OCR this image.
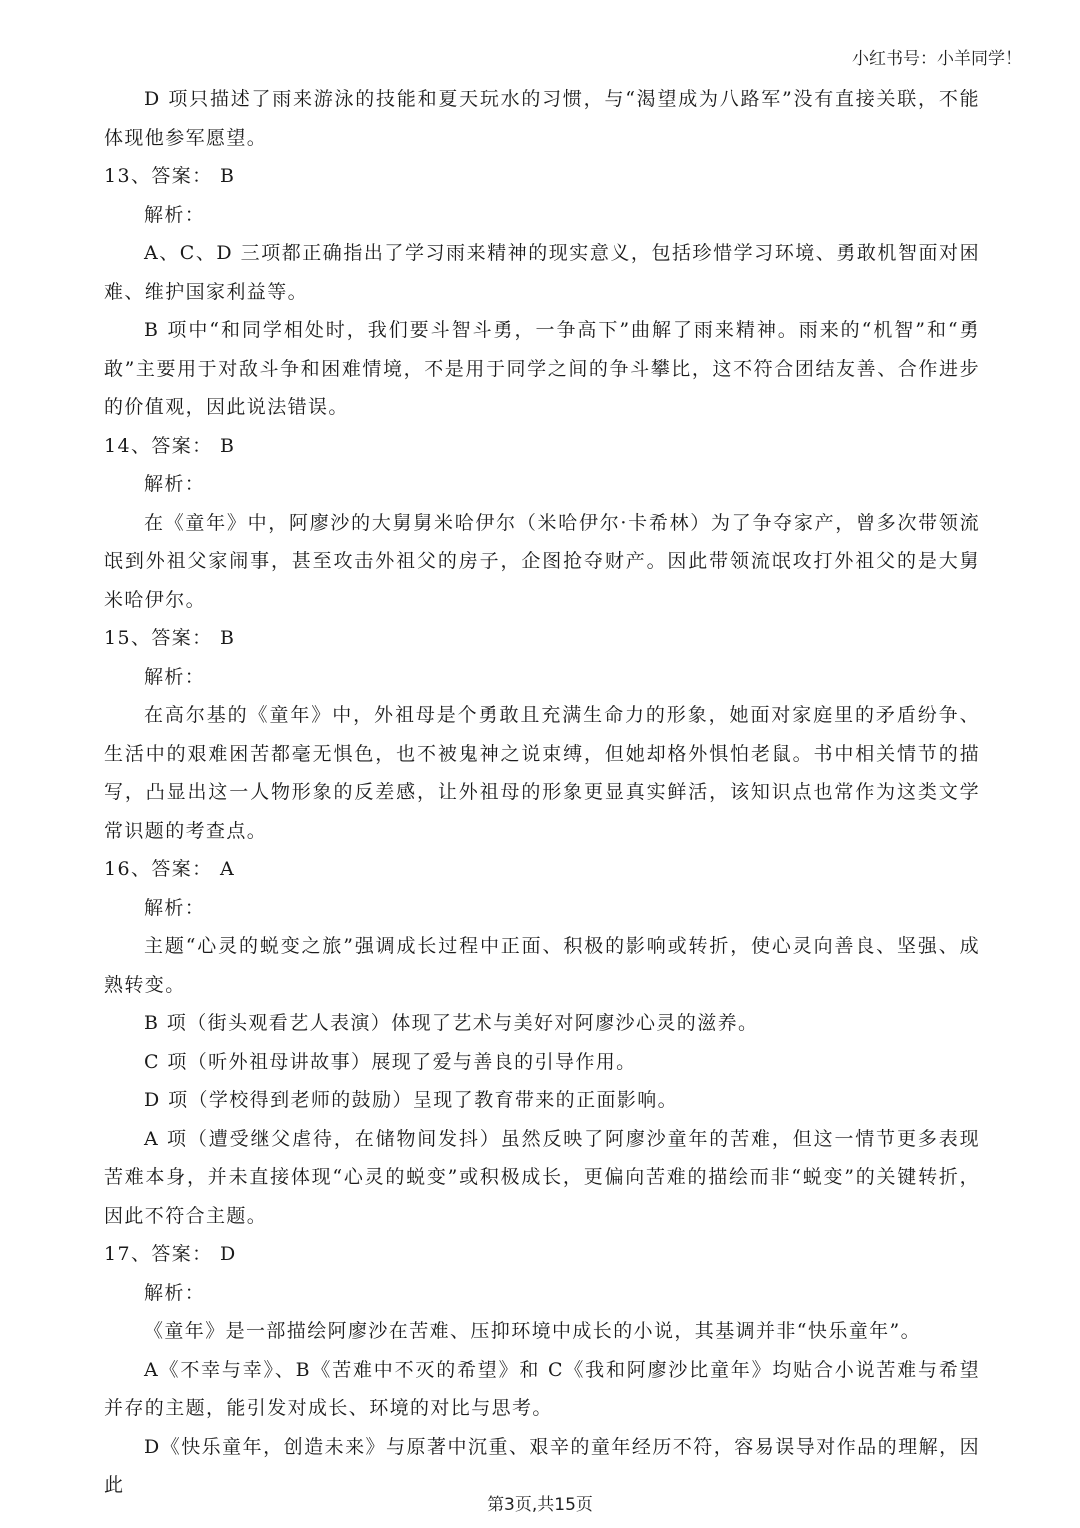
小红书号：小羊同学！

D 项只描述了雨来游泳的技能和夏天玩水的习惯，与“渴望成为八路军”没有直接关联，不能体现他参军愿望。

13、答案： B

解析：

A、C、D 三项都正确指出了学习雨来精神的现实意义，包括珍惜学习环境、勇敢机智面对困难、维护国家利益等。

B 项中“和同学相处时，我们要斗智斗勇，一争高下”曲解了雨来精神。雨来的“机智”和“勇敢”主要用于对敌斗争和困难情境，不是用于同学之间的争斗攀比，这不符合团结友善、合作进步的价值观，因此说法错误。

14、答案： B

解析：

在《童年》中，阿廖沙的大舅舅米哈伊尔（米哈伊尔·卡希林）为了争夺家产，曾多次带领流氓到外祖父家闹事，甚至攻击外祖父的房子，企图抢夺财产。因此带领流氓攻打外祖父的是大舅米哈伊尔。

15、答案： B

解析：

在高尔基的《童年》中，外祖母是个勇敢且充满生命力的形象，她面对家庭里的矛盾纷争、生活中的艰难困苦都毫无惧色，也不被鬼神之说束缚，但她却格外惧怕老鼠。书中相关情节的描写，凸显出这一人物形象的反差感，让外祖母的形象更显真实鲜活，该知识点也常作为这类文学常识题的考查点。

16、答案： A

解析：

主题“心灵的蜕变之旅”强调成长过程中正面、积极的影响或转折，使心灵向善良、坚强、成熟转变。

B 项（街头观看艺人表演）体现了艺术与美好对阿廖沙心灵的滋养。

C 项（听外祖母讲故事）展现了爱与善良的引导作用。

D 项（学校得到老师的鼓励）呈现了教育带来的正面影响。

A 项（遭受继父虐待，在储物间发抖）虽然反映了阿廖沙童年的苦难，但这一情节更多表现苦难本身，并未直接体现“心灵的蜕变”或积极成长，更偏向苦难的描绘而非“蜕变”的关键转折，因此不符合主题。

17、答案： D

解析：

《童年》是一部描绘阿廖沙在苦难、压抑环境中成长的小说，其基调并非“快乐童年”。

A《不幸与幸》、B《苦难中不灭的希望》和 C《我和阿廖沙比童年》均贴合小说苦难与希望并存的主题，能引发对成长、环境的对比与思考。

D《快乐童年，创造未来》与原著中沉重、艰辛的童年经历不符，容易误导对作品的理解，因此

第3页,共15页
